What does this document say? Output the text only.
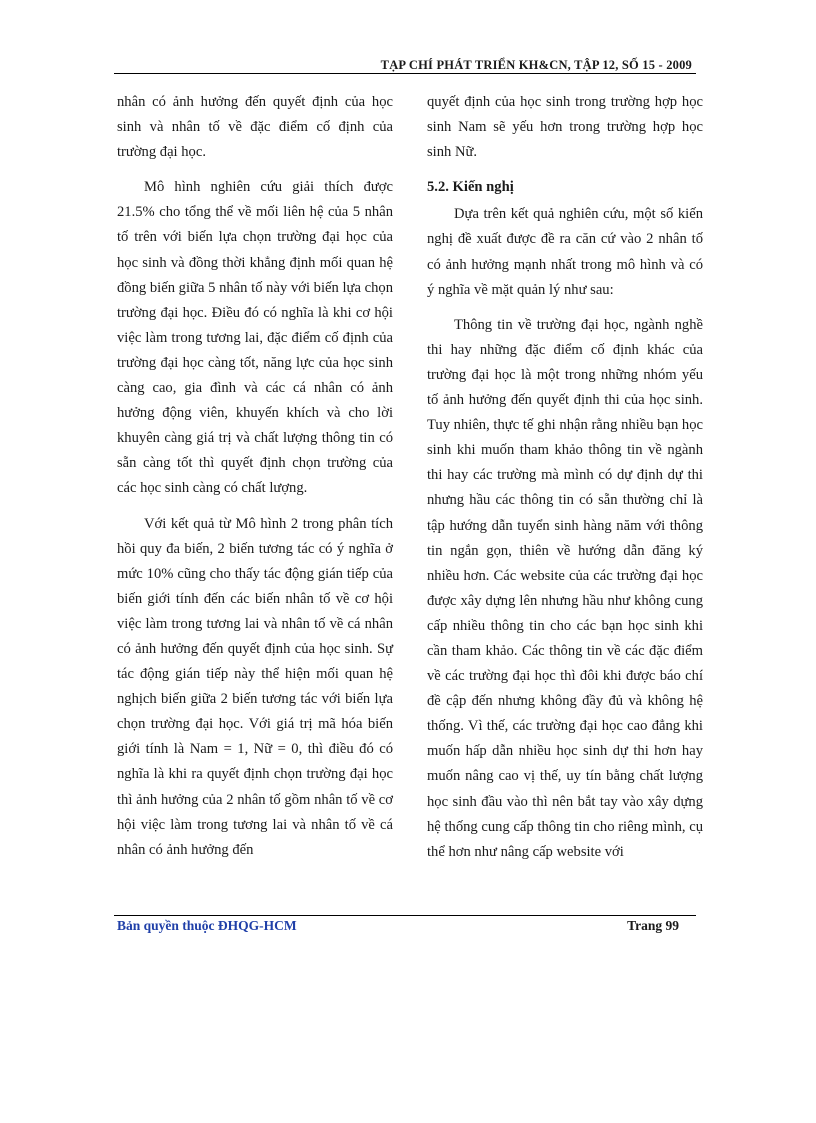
TẠP CHÍ PHÁT TRIỂN KH&CN, TẬP 12, SỐ 15 - 2009

nhân có ảnh hưởng đến quyết định của học sinh và nhân tố về đặc điểm cố định của trường đại học.

Mô hình nghiên cứu giải thích được 21.5% cho tổng thể về mối liên hệ của 5 nhân tố trên với biến lựa chọn trường đại học của học sinh và đồng thời khẳng định mối quan hệ đồng biến giữa 5 nhân tố này với biến lựa chọn trường đại học. Điều đó có nghĩa là khi cơ hội việc làm trong tương lai, đặc điểm cố định của trường đại học càng tốt, năng lực của học sinh càng cao, gia đình và các cá nhân có ảnh hưởng động viên, khuyến khích và cho lời khuyên càng giá trị và chất lượng thông tin có sẵn càng tốt thì quyết định chọn trường của các học sinh càng có chất lượng.

Với kết quả từ Mô hình 2 trong phân tích hồi quy đa biến, 2 biến tương tác có ý nghĩa ở mức 10% cũng cho thấy tác động gián tiếp của biến giới tính đến các biến nhân tố về cơ hội việc làm trong tương lai và nhân tố về cá nhân có ảnh hưởng đến quyết định của học sinh. Sự tác động gián tiếp này thể hiện mối quan hệ nghịch biến giữa 2 biến tương tác với biến lựa chọn trường đại học. Với giá trị mã hóa biến giới tính là Nam = 1, Nữ = 0, thì điều đó có nghĩa là khi ra quyết định chọn trường đại học thì ảnh hưởng của 2 nhân tố gồm nhân tố về cơ hội việc làm trong tương lai và nhân tố về cá nhân có ảnh hưởng đến

quyết định của học sinh trong trường hợp học sinh Nam sẽ yếu hơn trong trường hợp học sinh Nữ.

5.2. Kiến nghị

Dựa trên kết quả nghiên cứu, một số kiến nghị đề xuất được đề ra căn cứ vào 2 nhân tố có ảnh hưởng mạnh nhất trong mô hình và có ý nghĩa về mặt quản lý như sau:

Thông tin về trường đại học, ngành nghề thi hay những đặc điểm cố định khác của trường đại học là một trong những nhóm yếu tố ảnh hưởng đến quyết định thi của học sinh. Tuy nhiên, thực tế ghi nhận rằng nhiều bạn học sinh khi muốn tham khảo thông tin về ngành thi hay các trường mà mình có dự định dự thi nhưng hầu các thông tin có sẵn thường chỉ là tập hướng dẫn tuyển sinh hàng năm với thông tin ngắn gọn, thiên về hướng dẫn đăng ký nhiều hơn. Các website của các trường đại học được xây dựng lên nhưng hầu như không cung cấp nhiều thông tin cho các bạn học sinh khi cần tham khảo. Các thông tin về các đặc điểm về các trường đại học thì đôi khi được báo chí đề cập đến nhưng không đầy đủ và không hệ thống. Vì thế, các trường đại học cao đẳng khi muốn hấp dẫn nhiều học sinh dự thi hơn hay muốn nâng cao vị thế, uy tín bằng chất lượng học sinh đầu vào thì nên bắt tay vào xây dựng hệ thống cung cấp thông tin cho riêng mình, cụ thể hơn như nâng cấp website với

Bản quyền thuộc ĐHQG-HCM	Trang 99
